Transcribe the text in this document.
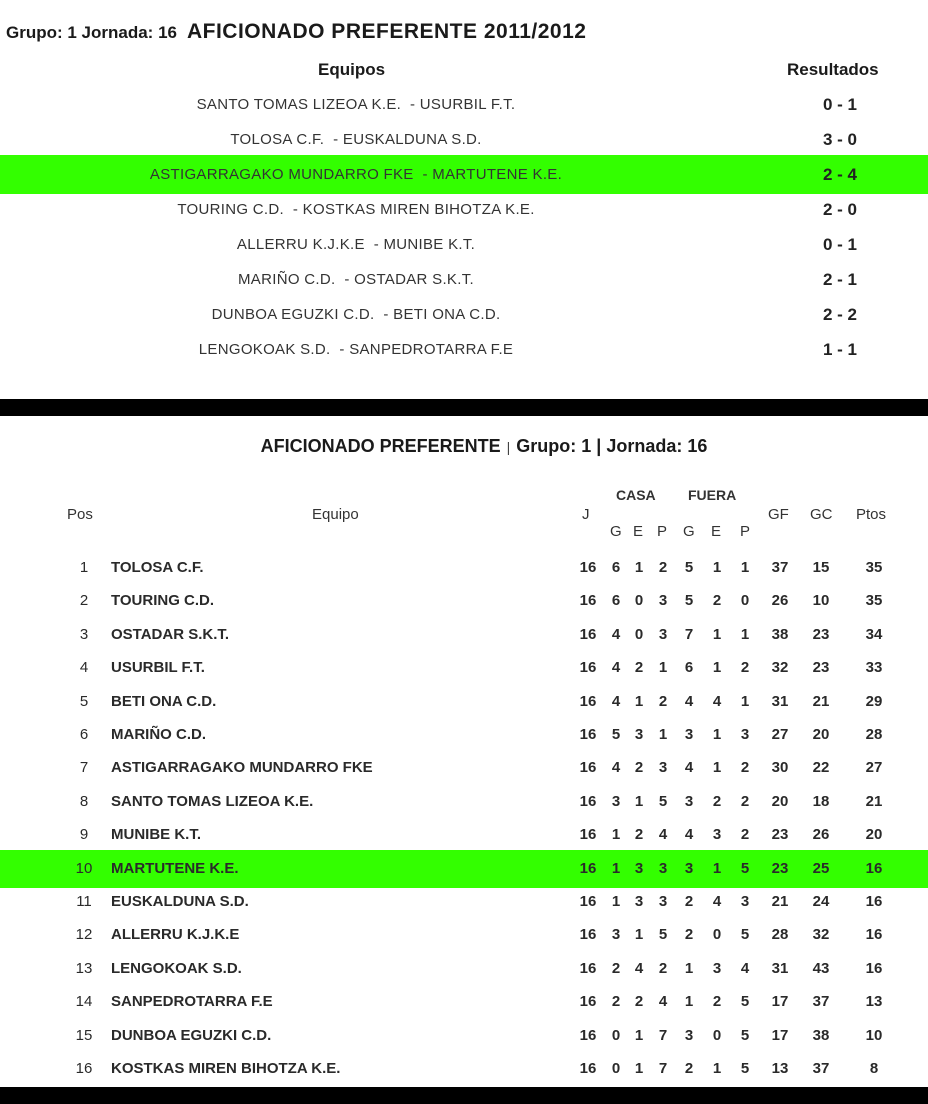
Grupo: 1 Jornada: 16 AFICIONADO PREFERENTE 2011/2012
Equipos	Resultados
SANTO TOMAS LIZEOA K.E.  - USURBIL F.T.	0 - 1
TOLOSA C.F.  - EUSKALDUNA S.D.	3 - 0
ASTIGARRAGAKO MUNDARRO FKE  - MARTUTENE K.E.	2 - 4
TOURING C.D.  - KOSTKAS MIREN BIHOTZA K.E.	2 - 0
ALLERRU K.J.K.E  - MUNIBE K.T.	0 - 1
MARIÑO C.D.  - OSTADAR S.K.T.	2 - 1
DUNBOA EGUZKI C.D.  - BETI ONA C.D.	2 - 2
LENGOKOAK S.D.  - SANPEDROTARRA F.E	1 - 1
AFICIONADO PREFERENTE | Grupo: 1 | Jornada: 16
Pos	Equipo	J
CASA FUERA
G E P G E P
GF GC Ptos
1	TOLOSA C.F.	16 6 1 2 5 1 1	37	15	35
2	TOURING C.D.	16 6 0 3 5 2 0	26	10	35
3	OSTADAR S.K.T.	16 4 0 3 7 1 1	38	23	34
4	USURBIL F.T.	16 4 2 1 6 1 2	32	23	33
5	BETI ONA C.D.	16 4 1 2 4 4 1	31	21	29
6	MARIÑO C.D.	16 5 3 1 3 1 3	27	20	28
7	ASTIGARRAGAKO MUNDARRO FKE	16 4 2 3 4 1 2	30	22	27
8	SANTO TOMAS LIZEOA K.E.	16 3 1 5 3 2 2	20	18	21
9	MUNIBE K.T.	16 1 2 4 4 3 2	23	26	20
10	MARTUTENE K.E.	16 1 3 3 3 1 5	23	25	16
11	EUSKALDUNA S.D.	16 1 3 3 2 4 3	21	24	16
12	ALLERRU K.J.K.E	16 3 1 5 2 0 5	28	32	16
13	LENGOKOAK S.D.	16 2 4 2 1 3 4	31	43	16
14	SANPEDROTARRA F.E	16 2 2 4 1 2 5	17	37	13
15	DUNBOA EGUZKI C.D.	16 0 1 7 3 0 5	17	38	10
16	KOSTKAS MIREN BIHOTZA K.E.	16 0 1 7 2 1 5	13	37	8
